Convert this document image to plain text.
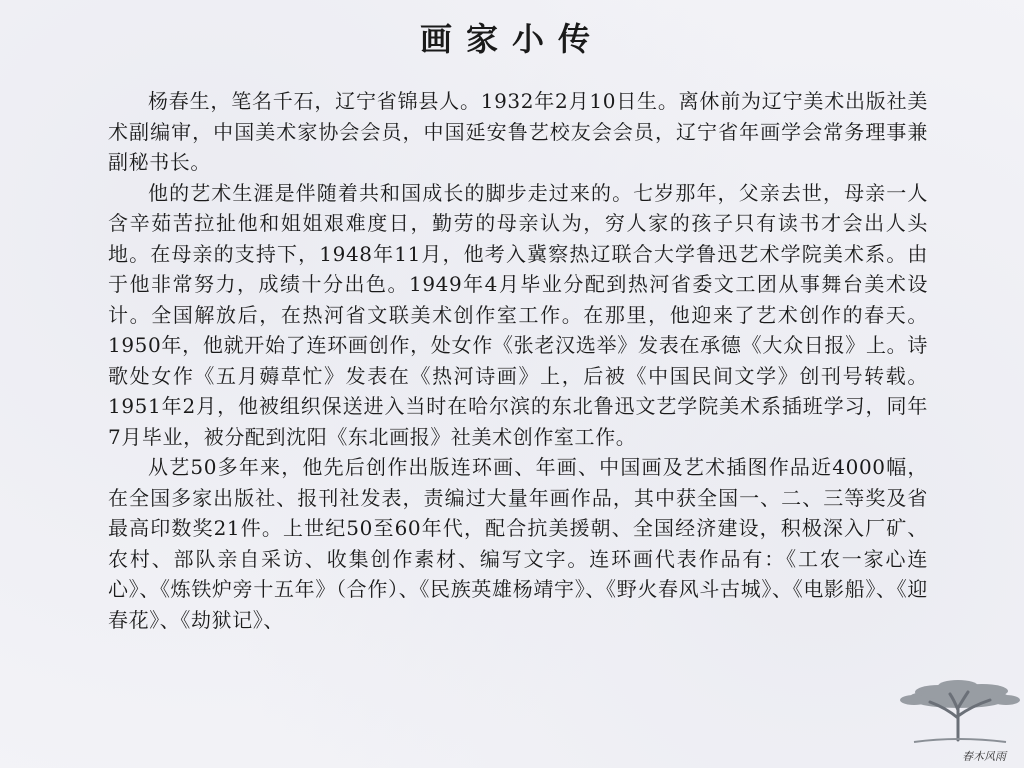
画家小传

杨春生，笔名千石，辽宁省锦县人。1932年2月10日生。离休前为辽宁美术出版社美术副编审，中国美术家协会会员，中国延安鲁艺校友会会员，辽宁省年画学会常务理事兼副秘书长。

他的艺术生涯是伴随着共和国成长的脚步走过来的。七岁那年，父亲去世，母亲一人含辛茹苦拉扯他和姐姐艰难度日，勤劳的母亲认为，穷人家的孩子只有读书才会出人头地。在母亲的支持下，1948年11月，他考入冀察热辽联合大学鲁迅艺术学院美术系。由于他非常努力，成绩十分出色。1949年4月毕业分配到热河省委文工团从事舞台美术设计。全国解放后，在热河省文联美术创作室工作。在那里，他迎来了艺术创作的春天。1950年，他就开始了连环画创作，处女作《张老汉选举》发表在承德《大众日报》上。诗歌处女作《五月薅草忙》发表在《热河诗画》上，后被《中国民间文学》创刊号转载。1951年2月，他被组织保送进入当时在哈尔滨的东北鲁迅文艺学院美术系插班学习，同年7月毕业，被分配到沈阳《东北画报》社美术创作室工作。

从艺50多年来，他先后创作出版连环画、年画、中国画及艺术插图作品近4000幅，在全国多家出版社、报刊社发表，责编过大量年画作品，其中获全国一、二、三等奖及省最高印数奖21件。上世纪50至60年代，配合抗美援朝、全国经济建设，积极深入厂矿、农村、部队亲自采访、收集创作素材、编写文字。连环画代表作品有：《工农一家心连心》、《炼铁炉旁十五年》（合作）、《民族英雄杨靖宇》、《野火春风斗古城》、《电影船》、《迎春花》、《劫狱记》、

春木风雨
